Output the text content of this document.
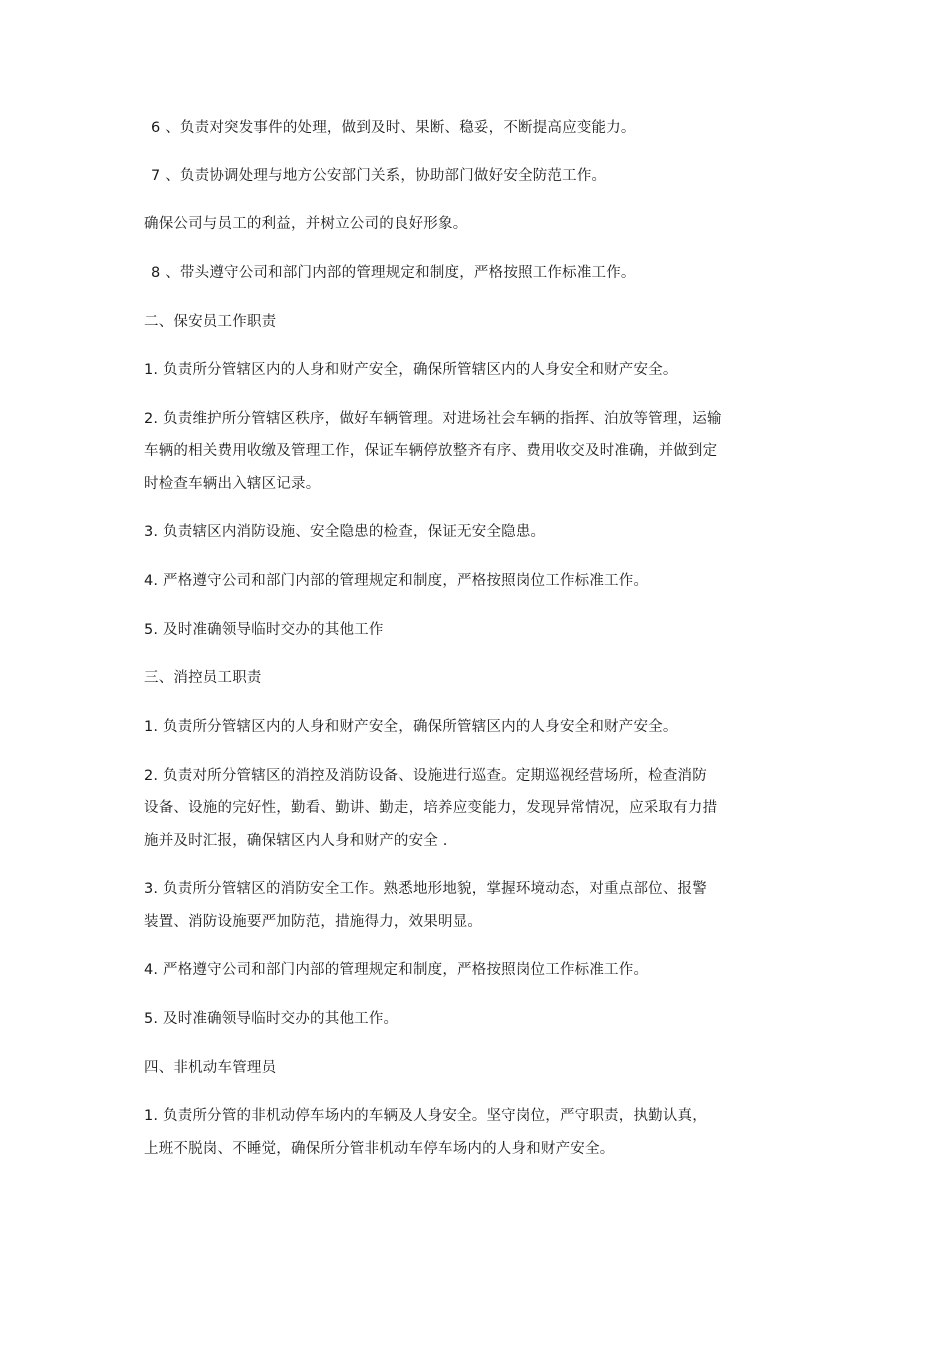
6 、负责对突发事件的处理，做到及时、果断、稳妥，不断提高应变能力。
7 、负责协调处理与地方公安部门关系，协助部门做好安全防范工作。
确保公司与员工的利益，并树立公司的良好形象。
8 、带头遵守公司和部门内部的管理规定和制度，严格按照工作标准工作。
二、保安员工作职责
1. 负责所分管辖区内的人身和财产安全，确保所管辖区内的人身安全和财产安全。
2. 负责维护所分管辖区秩序，做好车辆管理。对进场社会车辆的指挥、泊放等管理，运输
车辆的相关费用收缴及管理工作，保证车辆停放整齐有序、费用收交及时准确，并做到定
时检查车辆出入辖区记录。
3. 负责辖区内消防设施、安全隐患的检查，保证无安全隐患。
4. 严格遵守公司和部门内部的管理规定和制度，严格按照岗位工作标准工作。
5. 及时准确领导临时交办的其他工作
三、消控员工职责
1. 负责所分管辖区内的人身和财产安全，确保所管辖区内的人身安全和财产安全。
2. 负责对所分管辖区的消控及消防设备、设施进行巡查。定期巡视经营场所，检查消防
设备、设施的完好性，勤看、勤讲、勤走，培养应变能力，发现异常情况，应采取有力措
施并及时汇报，确保辖区内人身和财产的安全 .
3. 负责所分管辖区的消防安全工作。熟悉地形地貌，掌握环境动态，对重点部位、报警
装置、消防设施要严加防范，措施得力，效果明显。
4. 严格遵守公司和部门内部的管理规定和制度，严格按照岗位工作标准工作。
5. 及时准确领导临时交办的其他工作。
四、非机动车管理员
1. 负责所分管的非机动停车场内的车辆及人身安全。坚守岗位，严守职责，执勤认真，
上班不脱岗、不睡觉，确保所分管非机动车停车场内的人身和财产安全。
